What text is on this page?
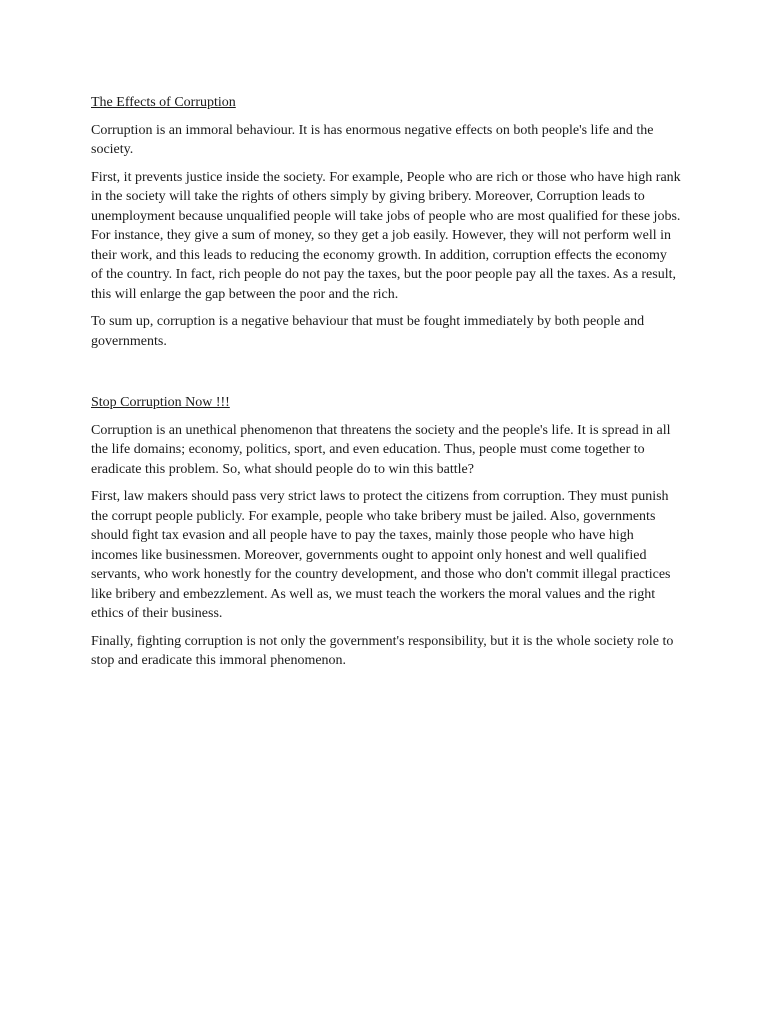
The Effects of Corruption

Corruption is an immoral behaviour. It is has enormous negative effects on both people's life and the society.

First, it prevents justice inside the society. For example, People who are rich or those who have high rank in the society will take the rights of others simply by giving bribery. Moreover, Corruption leads to unemployment because unqualified people will take jobs of people who are most qualified for these jobs. For instance, they give a sum of money, so they get a job easily. However, they will not perform well in their work, and this leads to reducing the economy growth. In addition, corruption effects the economy of the country. In fact, rich people do not pay the taxes, but the poor people pay all the taxes. As a result, this will enlarge the gap between the poor and the rich.

To sum up, corruption is a negative behaviour that must be fought immediately by both people and governments.

Stop Corruption Now !!!

Corruption is an unethical phenomenon that threatens the society and the people's life. It is spread in all the life domains; economy, politics, sport, and even education. Thus, people must come together to eradicate this problem. So, what should people do to win this battle?

First, law makers should pass very strict laws to protect the citizens from corruption. They must punish the corrupt people publicly. For example, people who take bribery must be jailed. Also, governments should fight tax evasion and all people have to pay the taxes, mainly those people who have high incomes like businessmen. Moreover, governments ought to appoint only honest and well qualified servants, who work honestly for the country development, and those who don't commit illegal practices like bribery and embezzlement. As well as, we must teach the workers the moral values and the right ethics of their business.

Finally, fighting corruption is not only the government's responsibility, but it is the whole society role to stop and eradicate this immoral phenomenon.
